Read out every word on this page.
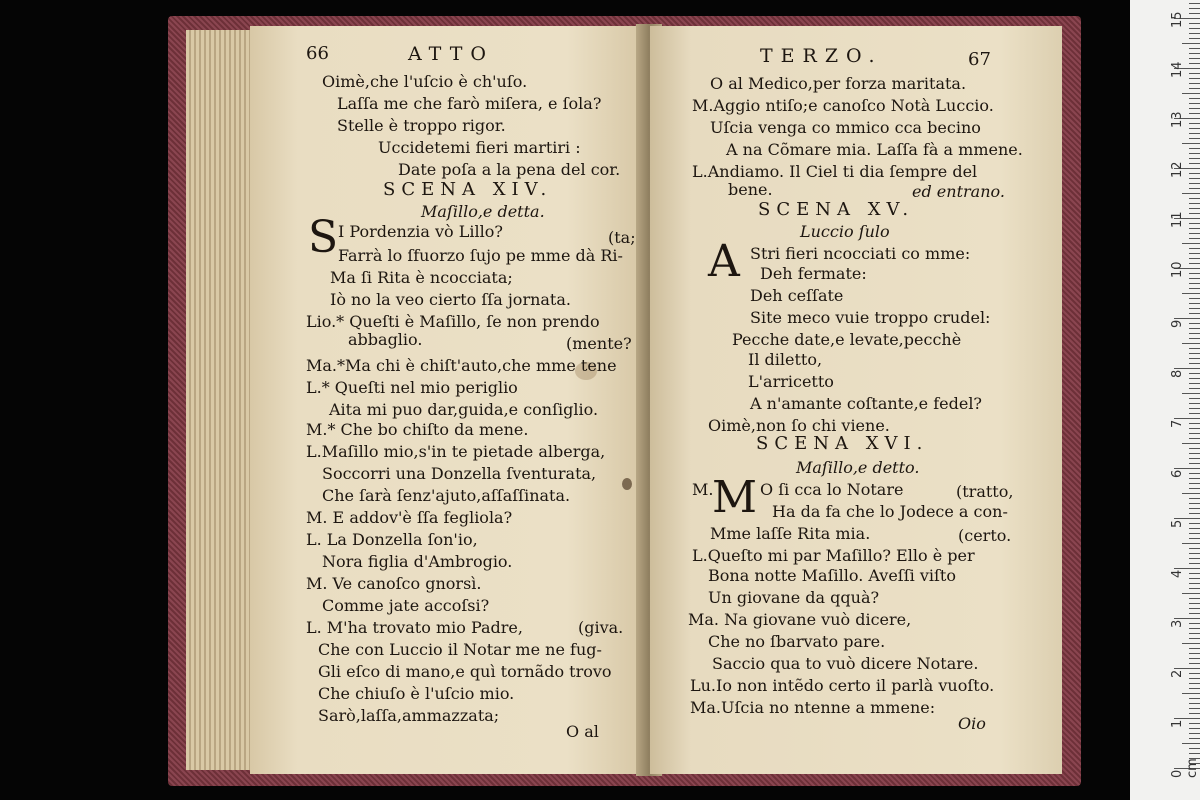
66	ATTO
Oimè,che l'uſcio è ch'uſo.
Laſſa me che farò miſera, e ſola?
Stelle è troppo rigor.
Uccidetemi fieri martiri :
Date poſa a la pena del cor.
SCENA XIV.
Maſillo,e detta.
S I Pordenzia vò Lillo?	(ta;
Farrà lo ſfuorzo ſujo pe mme dà Ri-
Ma ſi Rita è ncocciata;
Iò no la veo cierto ſſa jornata.
Lio.* Queſti è Maſillo, ſe non prendo
abbaglio.	(mente?
Ma.*Ma chi è chiſt'auto,che mme tene
L.* Queſti nel mio periglio
Aita mi puo dar,guida,e conſiglio.
M.* Che bo chiſto da mene.
L.Maſillo mio,s'in te pietade alberga,
Soccorri una Donzella ſventurata,
Che ſarà ſenz'ajuto,aſſaſſinata.
M. E addov'è ſſa fegliola?
L. La Donzella ſon'io,
Nora figlia d'Ambrogio.
M. Ve canoſco gnorsì.
Comme jate accoſsi?
L. M'ha trovato mio Padre,	(giva.
Che con Luccio il Notar me ne fug-
Gli eſco di mano,e quì tornãdo trovo
Che chiuſo è l'uſcio mio.
Sarò,laſſa,ammazzata;
O al
TERZO.	67
O al Medico,per forza maritata.
M.Aggio ntiſo;e canoſco Notà Luccio.
Uſcia venga co mmico cca becino
A na Cõmare mia. Laſſa fà a mmene.
L.Andiamo. Il Ciel ti dia ſempre del
bene.	ed entrano.
SCENA XV.
Luccio ſulo
A Stri fieri ncocciati co mme:
Deh fermate:
Deh ceſſate
Site meco vuie troppo crudel:
Pecche date,e levate,pecchè
Il diletto,
L'arricetto
A n'amante coſtante,e fedel?
Oimè,non ſo chi viene.
SCENA XVI.
Maſillo,e detto.
M.
M O ſi cca lo Notare	(tratto,
Ha da fa che lo Jodece a con-
Mme laſſe Rita mia.	(certo.
L.Queſto mi par Maſillo? Ello è per
Bona notte Maſillo. Aveſſi viſto
Un giovane da qquà?
Ma. Na giovane vuò dicere,
Che no ſbarvato pare.
Saccio qua to vuò dicere Notare.
Lu.Io non intẽdo certo il parlà vuoſto.
Ma.Uſcia no ntenne a mmene:
Oio
0 cm
1
2
3
4
5
6
7
8
9
10
11
12
13
14
15
